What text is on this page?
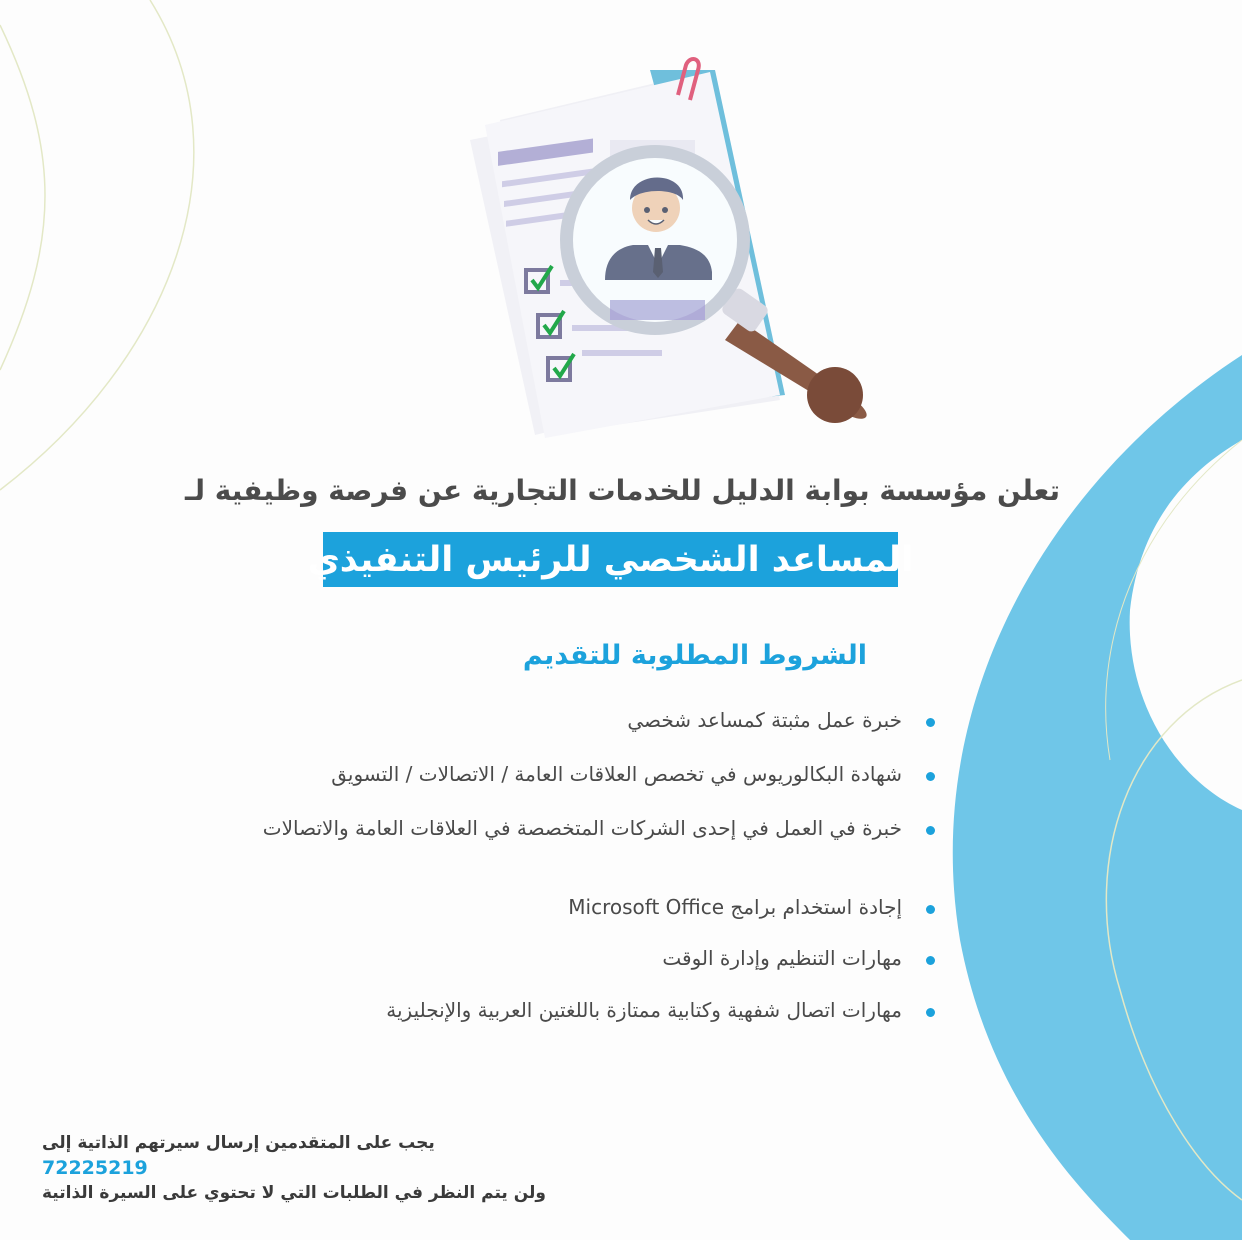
تعلن مؤسسة بوابة الدليل للخدمات التجارية عن فرصة وظيفية لـ
المساعد الشخصي للرئيس التنفيذي
الشروط المطلوبة للتقديم
خبرة عمل مثبتة كمساعد شخصي
شهادة البكالوريوس في تخصص العلاقات العامة / الاتصالات / التسويق
خبرة في العمل في إحدى الشركات المتخصصة في العلاقات العامة والاتصالات
إجادة استخدام برامج Microsoft Office
مهارات التنظيم وإدارة الوقت
مهارات اتصال شفهية وكتابية ممتازة باللغتين العربية والإنجليزية
يجب على المتقدمين إرسال سيرتهم الذاتية إلى
72225219
ولن يتم النظر في الطلبات التي لا تحتوي على السيرة الذاتية
